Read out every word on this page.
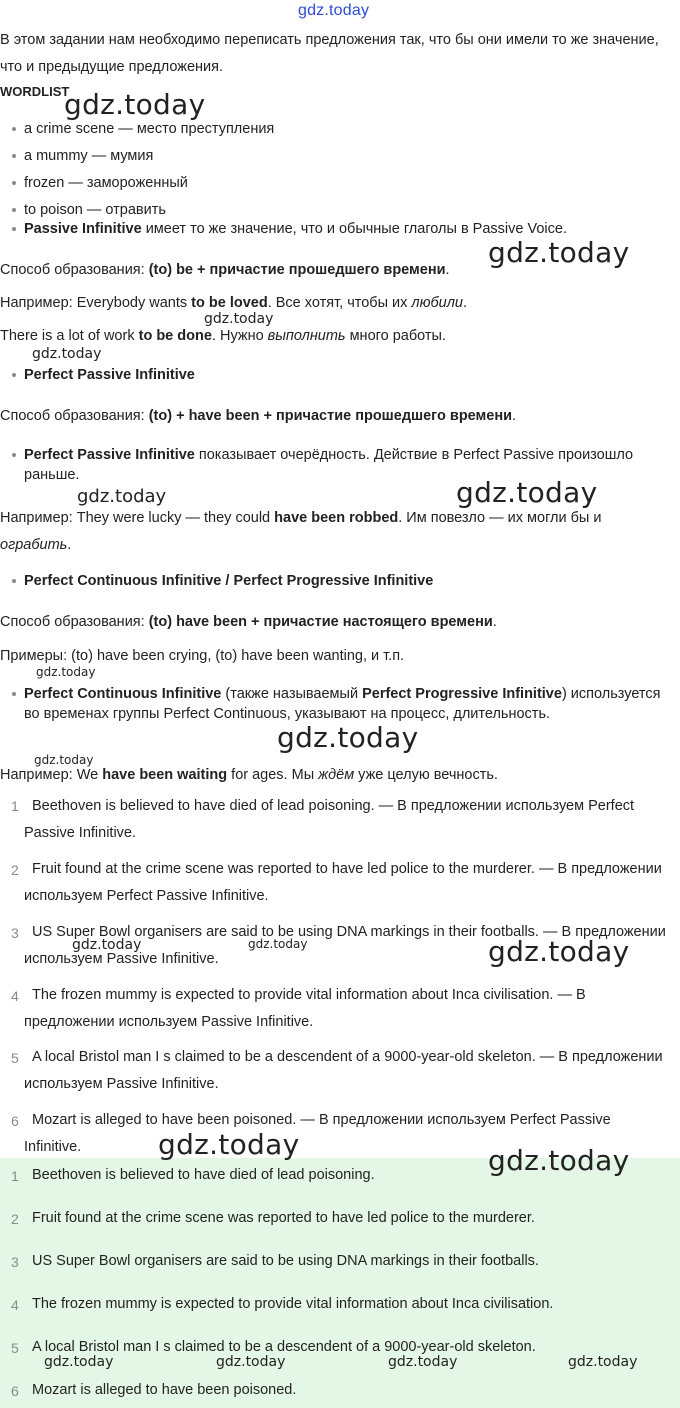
gdz.today
В этом задании нам необходимо переписать предложения так, что бы они имели то же значение, что и предыдущие предложения.
WORDLIST
a crime scene — место преступления
a mummy — мумия
frozen — замороженный
to poison — отравить
Passive Infinitive имеет то же значение, что и обычные глаголы в Passive Voice.
Способ образования: (to) be + причастие прошедшего времени.
Например: Everybody wants to be loved. Все хотят, чтобы их любили.
There is a lot of work to be done. Нужно выполнить много работы.
Perfect Passive Infinitive
Способ образования: (to) + have been + причастие прошедшего времени.
Perfect Passive Infinitive показывает очерёдность. Действие в Perfect Passive произошло раньше.
Например: They were lucky — they could have been robbed. Им повезло — их могли бы и ограбить.
Perfect Continuous Infinitive / Perfect Progressive Infinitive
Способ образования: (to) have been + причастие настоящего времени.
Примеры: (to) have been crying, (to) have been wanting, и т.п.
Perfect Continuous Infinitive (также называемый Perfect Progressive Infinitive) используется во временах группы Perfect Continuous, указывают на процесс, длительность.
Например: We have been waiting for ages. Мы ждём уже целую вечность.
1 Beethoven is believed to have died of lead poisoning. — В предложении используем Perfect Passive Infinitive.
2 Fruit found at the crime scene was reported to have led police to the murderer. — В предложении используем Perfect Passive Infinitive.
3 US Super Bowl organisers are said to be using DNA markings in their footballs. — В предложении используем Passive Infinitive.
4 The frozen mummy is expected to provide vital information about Inca civilisation. — В предложении используем Passive Infinitive.
5 A local Bristol man I s claimed to be a descendent of a 9000-year-old skeleton. — В предложении используем Passive Infinitive.
6 Mozart is alleged to have been poisoned. — В предложении используем Perfect Passive Infinitive.
1 Beethoven is believed to have died of lead poisoning.
2 Fruit found at the crime scene was reported to have led police to the murderer.
3 US Super Bowl organisers are said to be using DNA markings in their footballs.
4 The frozen mummy is expected to provide vital information about Inca civilisation.
5 A local Bristol man I s claimed to be a descendent of a 9000-year-old skeleton.
6 Mozart is alleged to have been poisoned.
gdz.today
gdz.today
gdz.today
gdz.today
gdz.today	gdz.today
gdz.today
gdz.today
gdz.today
gdz.today	gdz.today	gdz.today
gdz.today	gdz.today
gdz.today	gdz.today	gdz.today	gdz.today
